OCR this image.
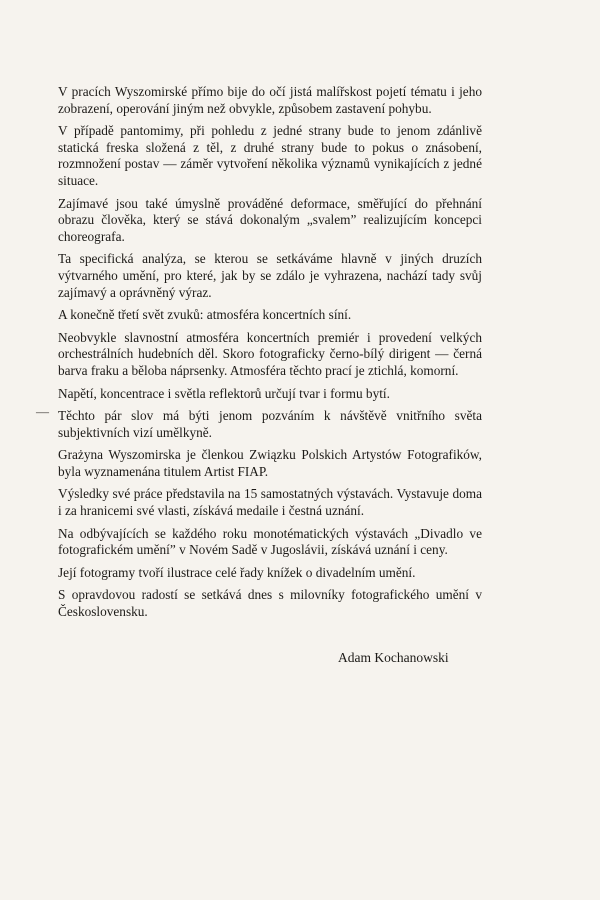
V pracích Wyszomirské přímo bije do očí jistá malířskost pojetí tématu i jeho zobrazení, operování jiným než obvykle, způsobem zastavení pohybu.

V případě pantomimy, při pohledu z jedné strany bude to jenom zdánlivě statická freska složená z těl, z druhé strany bude to pokus o znásobení, rozmnožení postav — záměr vytvoření několika významů vynikajících z jedné situace.

Zajímavé jsou také úmyslně prováděné deformace, směřující do přehnání obrazu člověka, který se stává dokonalým „svalem” realizujícím koncepci choreografa.

Ta specifická analýza, se kterou se setkáváme hlavně v jiných druzích výtvarného umění, pro které, jak by se zdálo je vyhrazena, nachází tady svůj zajímavý a oprávněný výraz.

A konečně třetí svět zvuků: atmosféra koncertních síní.

Neobvykle slavnostní atmosféra koncertních premiér i provedení velkých orchestrálních hudebních děl. Skoro fotograficky černo-bílý dirigent — černá barva fraku a běloba náprsenky. Atmosféra těchto prací je ztichlá, komorní.

Napětí, koncentrace i světla reflektorů určují tvar i formu bytí.

Těchto pár slov má býti jenom pozváním k návštěvě vnitřního světa subjektivních vizí umělkyně.

Grażyna Wyszomirska je členkou Związku Polskich Artystów Fotografików, byla wyznamenána titulem Artist FIAP.

Výsledky své práce představila na 15 samostatných výstavách. Vystavuje doma i za hranicemi své vlasti, získává medaile i čestná uznání.

Na odbývajících se každého roku monotématických výstavách „Divadlo ve fotografickém umění” v Novém Sadě v Jugoslávii, získává uznání i ceny.

Její fotogramy tvoří ilustrace celé řady knížek o divadelním umění.

S opravdovou radostí se setkává dnes s milovníky fotografického umění v Československu.

—
Adam Kochanowski
